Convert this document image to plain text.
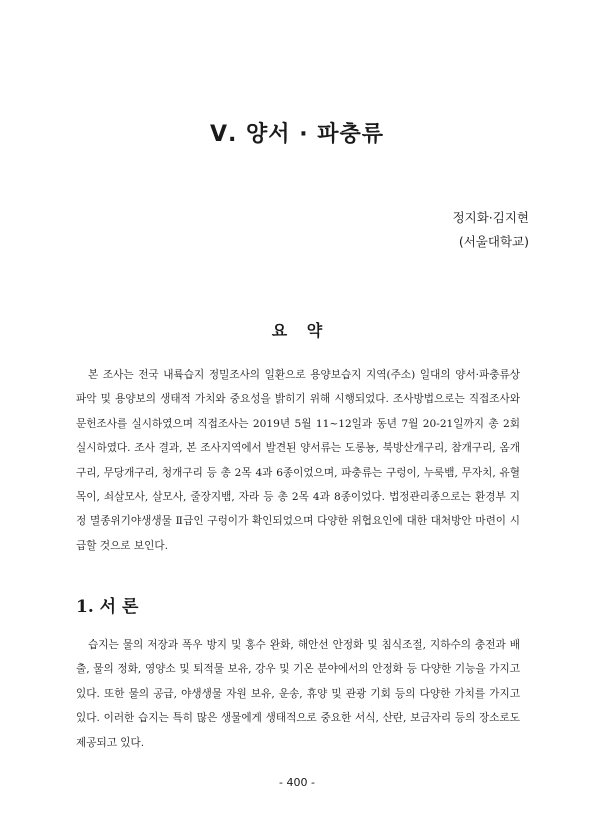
Ⅴ. 양서 · 파충류
정지화·김지현
(서울대학교)
요 약

본 조사는 전국 내륙습지 정밀조사의 일환으로 용양보습지 지역(주소) 일대의 양서·파충류상 파악 및 용양보의 생태적 가치와 중요성을 밝히기 위해 시행되었다. 조사방법으로는 직접조사와 문헌조사를 실시하였으며 직접조사는 2019년 5월 11~12일과 동년 7월 20-21일까지 총 2회 실시하였다. 조사 결과, 본 조사지역에서 발견된 양서류는 도롱뇽, 북방산개구리, 참개구리, 옴개구리, 무당개구리, 청개구리 등 총 2목 4과 6종이었으며, 파충류는 구렁이, 누룩뱀, 무자치, 유혈목이, 쇠살모사, 살모사, 줄장지뱀, 자라 등 총 2목 4과 8종이었다. 법정관리종으로는 환경부 지정 멸종위기야생생물 Ⅱ급인 구렁이가 확인되었으며 다양한 위협요인에 대한 대처방안 마련이 시급할 것으로 보인다.

1. 서 론

습지는 물의 저장과 폭우 방지 및 홍수 완화, 해안선 안정화 및 침식조절, 지하수의 충전과 배출, 물의 정화, 영양소 및 퇴적물 보유, 강우 및 기온 분야에서의 안정화 등 다양한 기능을 가지고 있다. 또한 물의 공급, 야생생물 자원 보유, 운송, 휴양 및 관광 기회 등의 다양한 가치를 가지고 있다. 이러한 습지는 특히 많은 생물에게 생태적으로 중요한 서식, 산란, 보금자리 등의 장소로도 제공되고 있다.

- 400 -
